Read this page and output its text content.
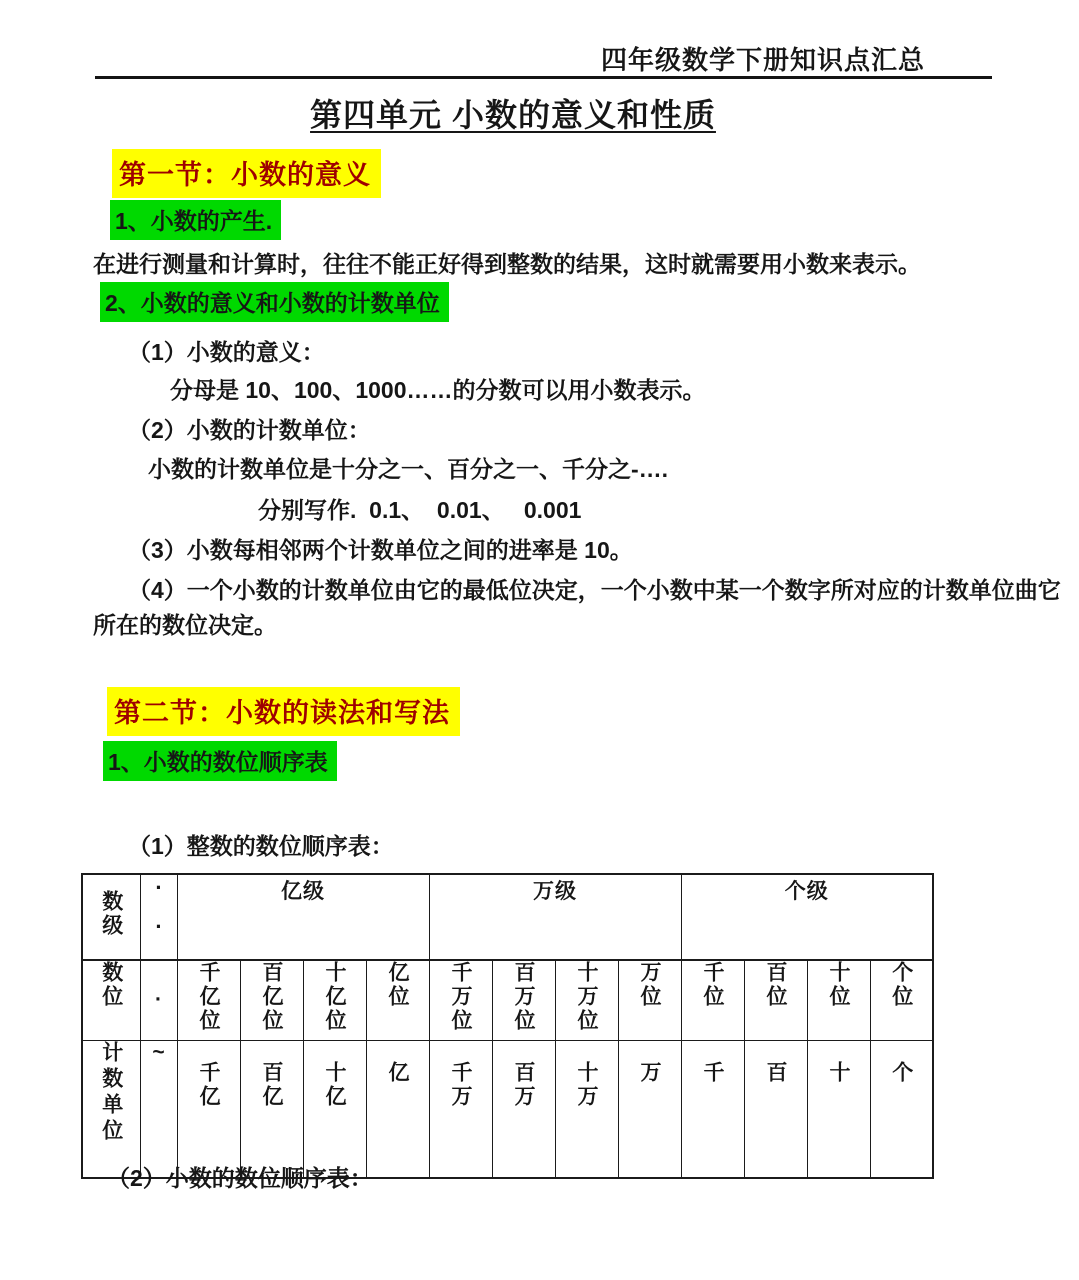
四年级数学下册知识点汇总
第四单元 小数的意义和性质
第一节：小数的意义
1、小数的产生.
在进行测量和计算时，往往不能正好得到整数的结果，这时就需要用小数来表示。
2、小数的意义和小数的计数单位
（1）小数的意义：
分母是 10、100、1000……的分数可以用小数表示。
（2）小数的计数单位：
小数的计数单位是十分之一、百分之一、千分之-….
分别写作.  0.1、  0.01、   0.001
（3）小数每相邻两个计数单位之间的进率是 10。
（4）一个小数的计数单位由它的最低位决定，一个小数中某一个数字所对应的计数单位曲它
所在的数位决定。
第二节：小数的读法和写法
1、小数的数位顺序表
（1）整数的数位顺序表：
数级	··	亿级				万级				个级			
数位	·	千亿位	百亿位	十亿位	亿位	千万位	百万位	十万位	万位	千位	百位	十位	个位
计数单位	~	千亿	百亿	十亿	亿	千万	百万	十万	万	千	百	十	个
（2）小数的数位顺序表：
